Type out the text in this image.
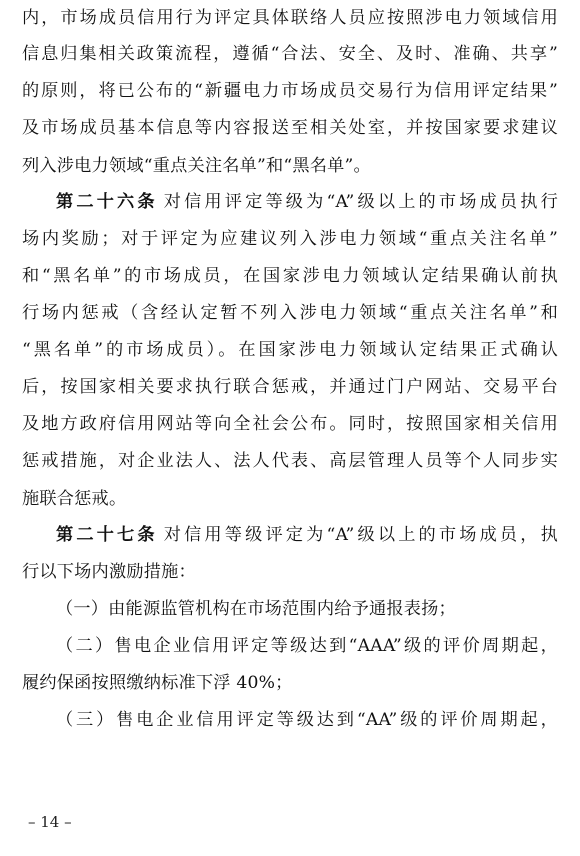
内，市场成员信用行为评定具体联络人员应按照涉电力领域信用
信息归集相关政策流程，遵循“合法、安全、及时、准确、共享”
的原则，将已公布的“新疆电力市场成员交易行为信用评定结果”
及市场成员基本信息等内容报送至相关处室，并按国家要求建议
列入涉电力领域“重点关注名单”和“黑名单”。
第二十六条 对信用评定等级为“A”级以上的市场成员执行
场内奖励；对于评定为应建议列入涉电力领域“重点关注名单”
和“黑名单”的市场成员，在国家涉电力领域认定结果确认前执
行场内惩戒（含经认定暂不列入涉电力领域“重点关注名单”和
“黑名单”的市场成员）。在国家涉电力领域认定结果正式确认
后，按国家相关要求执行联合惩戒，并通过门户网站、交易平台
及地方政府信用网站等向全社会公布。同时，按照国家相关信用
惩戒措施，对企业法人、法人代表、高层管理人员等个人同步实
施联合惩戒。
第二十七条 对信用等级评定为“A”级以上的市场成员，执
行以下场内激励措施：
（一）由能源监管机构在市场范围内给予通报表扬；
（二）售电企业信用评定等级达到“AAA”级的评价周期起，
履约保函按照缴纳标准下浮 40%；
（三）售电企业信用评定等级达到“AA”级的评价周期起，
– 14 –
